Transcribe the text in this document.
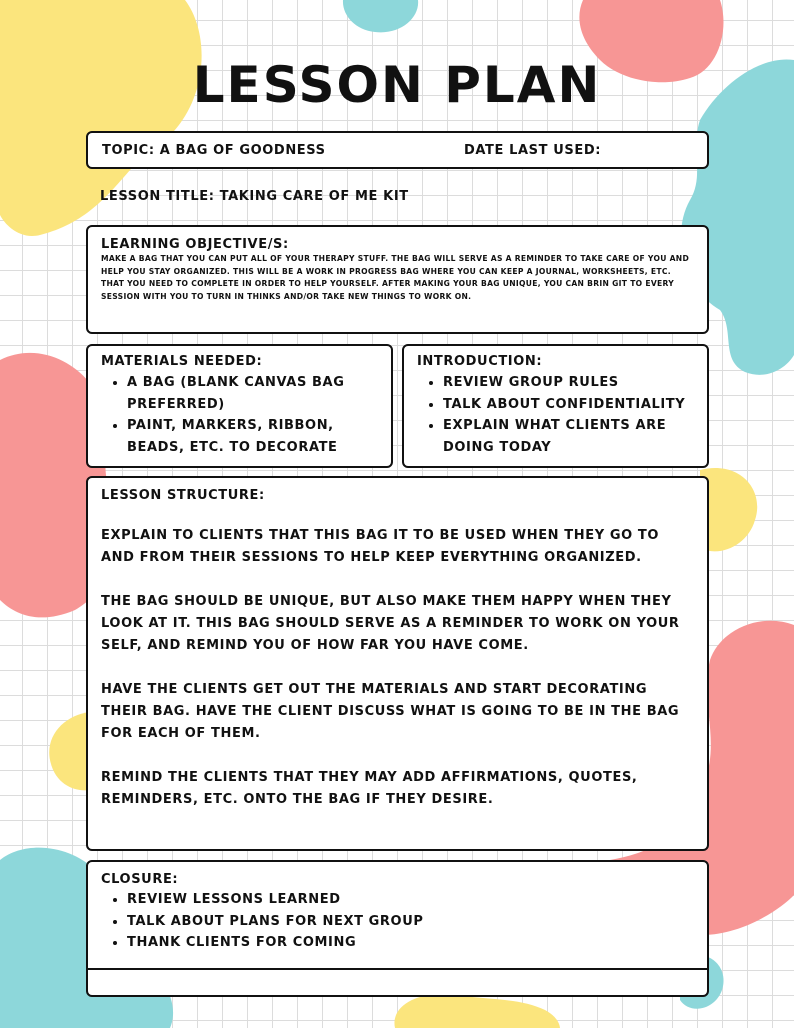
LESSON PLAN
TOPIC: A BAG OF GOODNESS	DATE LAST USED:
LESSON TITLE: TAKING CARE OF ME KIT
LEARNING OBJECTIVE/S:
MAKE A BAG THAT YOU CAN PUT ALL OF YOUR THERAPY STUFF. THE BAG WILL SERVE AS A REMINDER TO TAKE CARE OF YOU AND HELP YOU STAY ORGANIZED. THIS WILL BE A WORK IN PROGRESS BAG WHERE YOU CAN KEEP A JOURNAL, WORKSHEETS, ETC. THAT YOU NEED TO COMPLETE IN ORDER TO HELP YOURSELF. AFTER MAKING YOUR BAG UNIQUE, YOU CAN BRIN GIT TO EVERY SESSION WITH YOU TO TURN IN THINKS AND/OR TAKE NEW THINGS TO WORK ON.
MATERIALS NEEDED:
• A BAG (BLANK CANVAS BAG PREFERRED)
• PAINT, MARKERS, RIBBON, BEADS, ETC. TO DECORATE
INTRODUCTION:
• REVIEW GROUP RULES
• TALK ABOUT CONFIDENTIALITY
• EXPLAIN WHAT CLIENTS ARE DOING TODAY
LESSON STRUCTURE:
EXPLAIN TO CLIENTS THAT THIS BAG IT TO BE USED WHEN THEY GO TO AND FROM THEIR SESSIONS TO HELP KEEP EVERYTHING ORGANIZED.
THE BAG SHOULD BE UNIQUE, BUT ALSO MAKE THEM HAPPY WHEN THEY LOOK AT IT. THIS BAG SHOULD SERVE AS A REMINDER TO WORK ON YOUR SELF, AND REMIND YOU OF HOW FAR YOU HAVE COME.
HAVE THE CLIENTS GET OUT THE MATERIALS AND START DECORATING THEIR BAG. HAVE THE CLIENT DISCUSS WHAT IS GOING TO BE IN THE BAG FOR EACH OF THEM.
REMIND THE CLIENTS THAT THEY MAY ADD AFFIRMATIONS, QUOTES, REMINDERS, ETC. ONTO THE BAG IF THEY DESIRE.
CLOSURE:
• REVIEW LESSONS LEARNED
• TALK ABOUT PLANS FOR NEXT GROUP
• THANK CLIENTS FOR COMING
